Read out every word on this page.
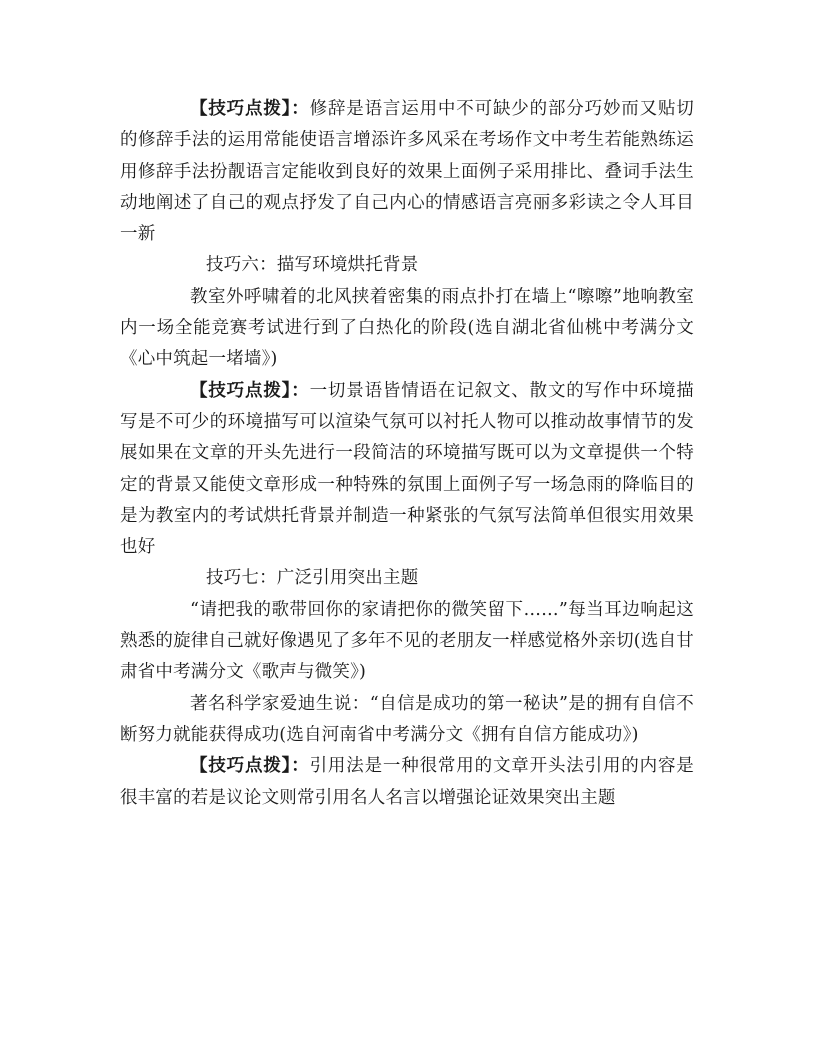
【技巧点拨】：修辞是语言运用中不可缺少的部分巧妙而又贴切的修辞手法的运用常能使语言增添许多风采在考场作文中考生若能熟练运用修辞手法扮靓语言定能收到良好的效果上面例子采用排比、叠词手法生动地阐述了自己的观点抒发了自己内心的情感语言亮丽多彩读之令人耳目一新

技巧六：描写环境烘托背景

教室外呼啸着的北风挟着密集的雨点扑打在墙上“嚓嚓”地响教室内一场全能竞赛考试进行到了白热化的阶段(选自湖北省仙桃中考满分文《心中筑起一堵墙》)

【技巧点拨】：一切景语皆情语在记叙文、散文的写作中环境描写是不可少的环境描写可以渲染气氛可以衬托人物可以推动故事情节的发展如果在文章的开头先进行一段简洁的环境描写既可以为文章提供一个特定的背景又能使文章形成一种特殊的氛围上面例子写一场急雨的降临目的是为教室内的考试烘托背景并制造一种紧张的气氛写法简单但很实用效果也好

技巧七：广泛引用突出主题

“请把我的歌带回你的家请把你的微笑留下……”每当耳边响起这熟悉的旋律自己就好像遇见了多年不见的老朋友一样感觉格外亲切(选自甘肃省中考满分文《歌声与微笑》)

著名科学家爱迪生说：“自信是成功的第一秘诀”是的拥有自信不断努力就能获得成功(选自河南省中考满分文《拥有自信方能成功》)

【技巧点拨】：引用法是一种很常用的文章开头法引用的内容是很丰富的若是议论文则常引用名人名言以增强论证效果突出主题
